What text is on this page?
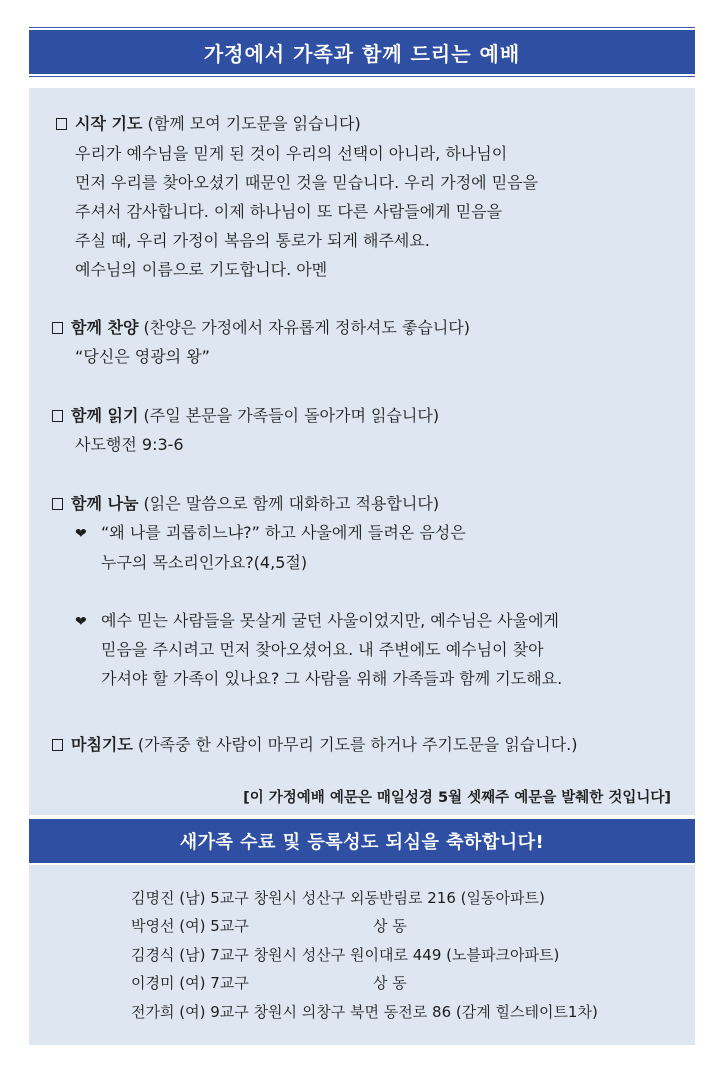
가정에서 가족과 함께 드리는 예배
시작 기도 (함께 모여 기도문을 읽습니다)
우리가 예수님을 믿게 된 것이 우리의 선택이 아니라, 하나님이
먼저 우리를 찾아오셨기 때문인 것을 믿습니다. 우리 가정에 믿음을
주셔서 감사합니다. 이제 하나님이 또 다른 사람들에게 믿음을
주실 때, 우리 가정이 복음의 통로가 되게 해주세요.
예수님의 이름으로 기도합니다. 아멘
함께 찬양 (찬양은 가정에서 자유롭게 정하셔도 좋습니다)
“당신은 영광의 왕”
함께 읽기 (주일 본문을 가족들이 돌아가며 읽습니다)
사도행전 9:3-6
함께 나눔 (읽은 말씀으로 함께 대화하고 적용합니다)
❤ “왜 나를 괴롭히느냐?” 하고 사울에게 들려온 음성은
누구의 목소리인가요?(4,5절)
❤ 예수 믿는 사람들을 못살게 굴던 사울이었지만, 예수님은 사울에게
믿음을 주시려고 먼저 찾아오셨어요. 내 주변에도 예수님이 찾아
가셔야 할 가족이 있나요? 그 사람을 위해 가족들과 함께 기도해요.
마침기도 (가족중 한 사람이 마무리 기도를 하거나 주기도문을 읽습니다.)
[이 가정예배 예문은 매일성경 5월 셋째주 예문을 발췌한 것입니다]
새가족 수료 및 등록성도 되심을 축하합니다!
김명진 (남) 5교구 창원시 성산구 외동반림로 216 (일동아파트)
박영선 (여) 5교구	상 동
김경식 (남) 7교구 창원시 성산구 원이대로 449 (노블파크아파트)
이경미 (여) 7교구	상 동
전가희 (여) 9교구 창원시 의창구 북면 동전로 86 (감계 힐스테이트1차)
